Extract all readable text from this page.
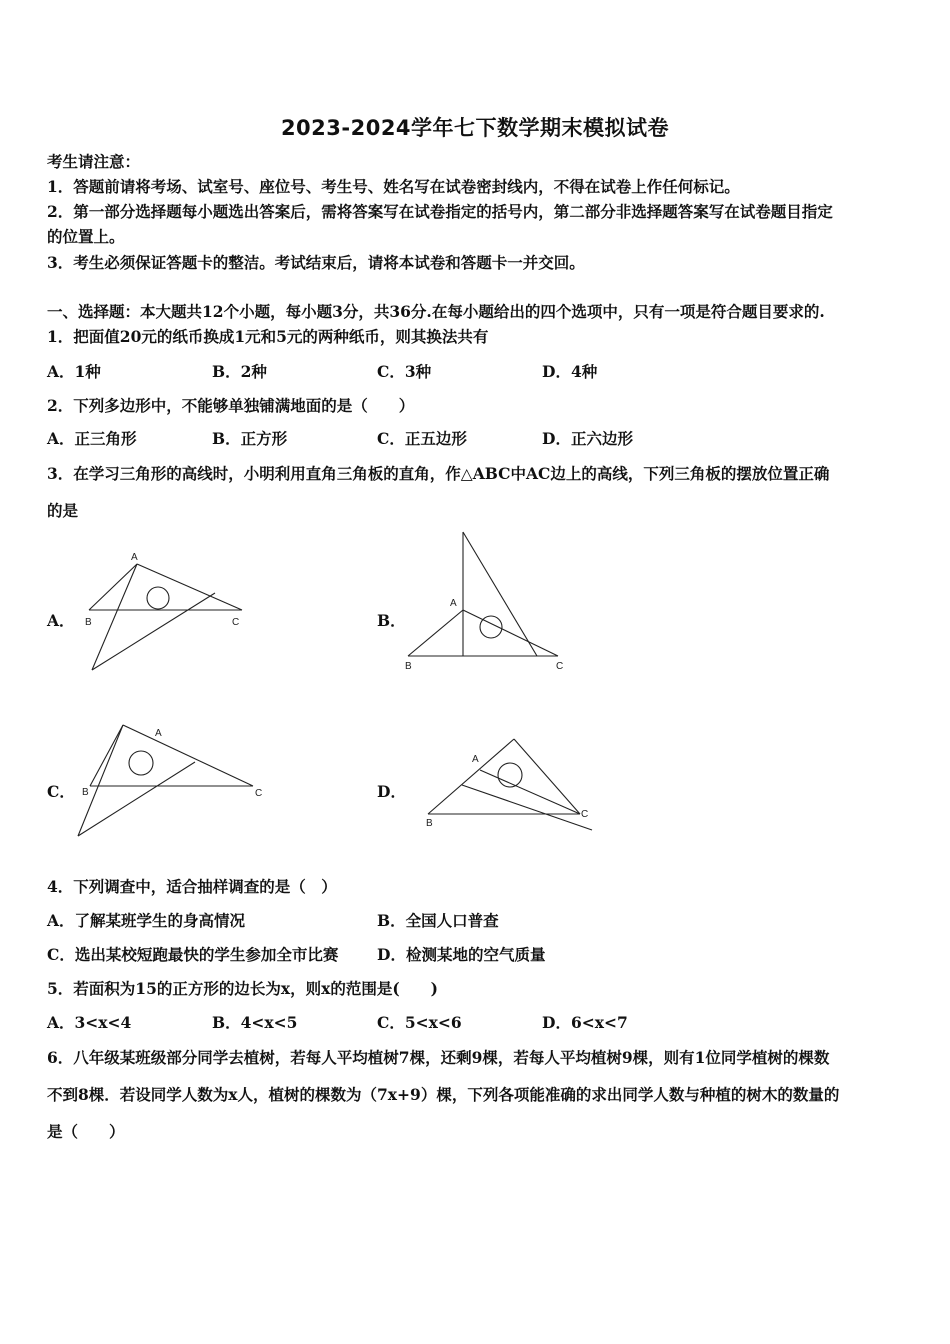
2023-2024学年七下数学期末模拟试卷
考生请注意：
1．答题前请将考场、试室号、座位号、考生号、姓名写在试卷密封线内，不得在试卷上作任何标记。
2．第一部分选择题每小题选出答案后，需将答案写在试卷指定的括号内，第二部分非选择题答案写在试卷题目指定
的位置上。
3．考生必须保证答题卡的整洁。考试结束后，请将本试卷和答题卡一并交回。
一、选择题：本大题共12个小题，每小题3分，共36分.在每小题给出的四个选项中，只有一项是符合题目要求的.
1．把面值20元的纸币换成1元和5元的两种纸币，则其换法共有
A．1种	B．2种	C．3种	D．4种
2．下列多边形中，不能够单独铺满地面的是（　　）
A．正三角形	B．正方形	C．正五边形	D．正六边形
3．在学习三角形的高线时，小明利用直角三角板的直角，作△ABC中AC边上的高线，下列三角板的摆放位置正确
的是
A．
A
B	C	B．
A
B	C
C．
A
B	C	D．
A
B
C
4．下列调查中，适合抽样调查的是（　）
A．了解某班学生的身高情况	B．全国人口普查
C．选出某校短跑最快的学生参加全市比赛 D．检测某地的空气质量
5．若面积为15的正方形的边长为x，则x的范围是(　　)
A．3<x<4	B．4<x<5	C．5<x<6	D．6<x<7
6．八年级某班级部分同学去植树，若每人平均植树7棵，还剩9棵，若每人平均植树9棵，则有1位同学植树的棵数
不到8棵．若设同学人数为x人，植树的棵数为（7x+9）棵，下列各项能准确的求出同学人数与种植的树木的数量的
是（　　）
